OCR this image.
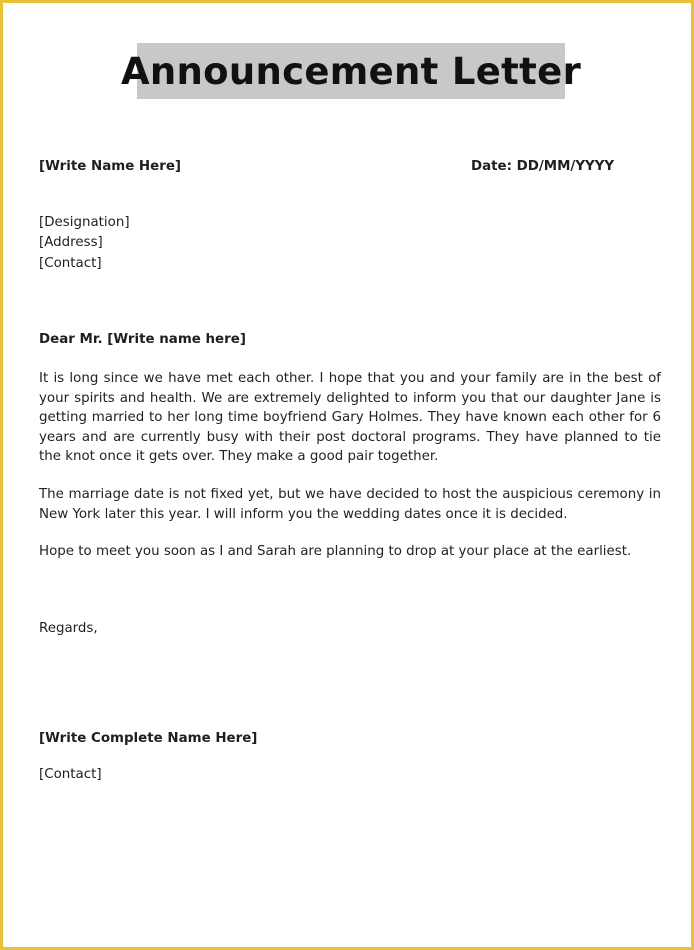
Announcement Letter
[Write Name Here]	Date: DD/MM/YYYY
[Designation]
[Address]
[Contact]
Dear Mr. [Write name here]
It is long since we have met each other. I hope that you and your family are in the best of your spirits and health. We are extremely delighted to inform you that our daughter Jane is getting married to her long time boyfriend Gary Holmes. They have known each other for 6 years and are currently busy with their post doctoral programs. They have planned to tie the knot once it gets over. They make a good pair together.
The marriage date is not fixed yet, but we have decided to host the auspicious ceremony in New York later this year. I will inform you the wedding dates once it is decided.
Hope to meet you soon as I and Sarah are planning to drop at your place at the earliest.
Regards,
[Write Complete Name Here]
[Contact]
